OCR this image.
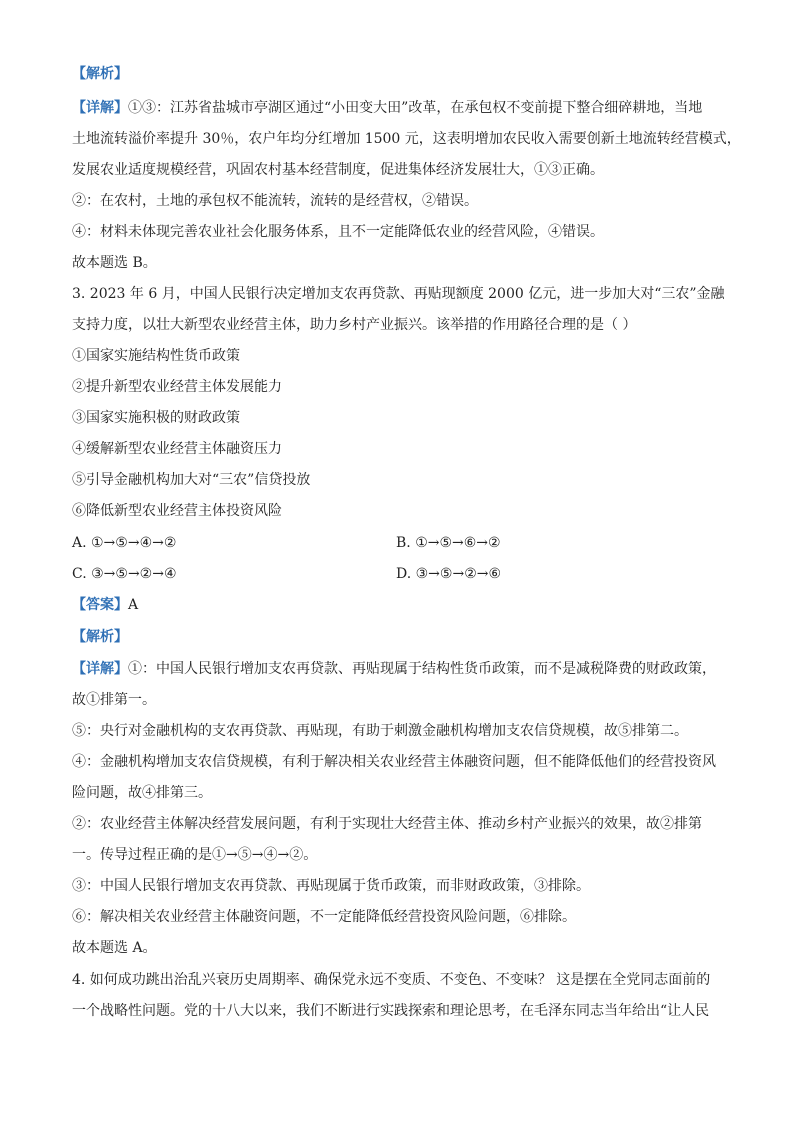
【解析】
【详解】①③：江苏省盐城市亭湖区通过“小田变大田”改革，在承包权不变前提下整合细碎耕地，当地
土地流转溢价率提升 30％，农户年均分红增加 1500 元，这表明增加农民收入需要创新土地流转经营模式，
发展农业适度规模经营，巩固农村基本经营制度，促进集体经济发展壮大，①③正确。
②：在农村，土地的承包权不能流转，流转的是经营权，②错误。
④：材料未体现完善农业社会化服务体系，且不一定能降低农业的经营风险，④错误。
故本题选 B。
3. 2023 年 6 月，中国人民银行决定增加支农再贷款、再贴现额度 2000 亿元，进一步加大对“三农”金融
支持力度，以壮大新型农业经营主体，助力乡村产业振兴。该举措的作用路径合理的是（ ）
①国家实施结构性货币政策
②提升新型农业经营主体发展能力
③国家实施积极的财政政策
④缓解新型农业经营主体融资压力
⑤引导金融机构加大对“三农”信贷投放
⑥降低新型农业经营主体投资风险
A. ①→⑤→④→②	B. ①→⑤→⑥→②
C. ③→⑤→②→④	D. ③→⑤→②→⑥
【答案】A
【解析】
【详解】①：中国人民银行增加支农再贷款、再贴现属于结构性货币政策，而不是减税降费的财政政策，
故①排第一。
⑤：央行对金融机构的支农再贷款、再贴现，有助于刺激金融机构增加支农信贷规模，故⑤排第二。
④：金融机构增加支农信贷规模，有利于解决相关农业经营主体融资问题，但不能降低他们的经营投资风
险问题，故④排第三。
②：农业经营主体解决经营发展问题，有利于实现壮大经营主体、推动乡村产业振兴的效果，故②排第
一。传导过程正确的是①→⑤→④→②。
③：中国人民银行增加支农再贷款、再贴现属于货币政策，而非财政政策，③排除。
⑥：解决相关农业经营主体融资问题，不一定能降低经营投资风险问题，⑥排除。
故本题选 A。
4. 如何成功跳出治乱兴衰历史周期率、确保党永远不变质、不变色、不变味？ 这是摆在全党同志面前的
一个战略性问题。党的十八大以来，我们不断进行实践探索和理论思考，在毛泽东同志当年给出“让人民
